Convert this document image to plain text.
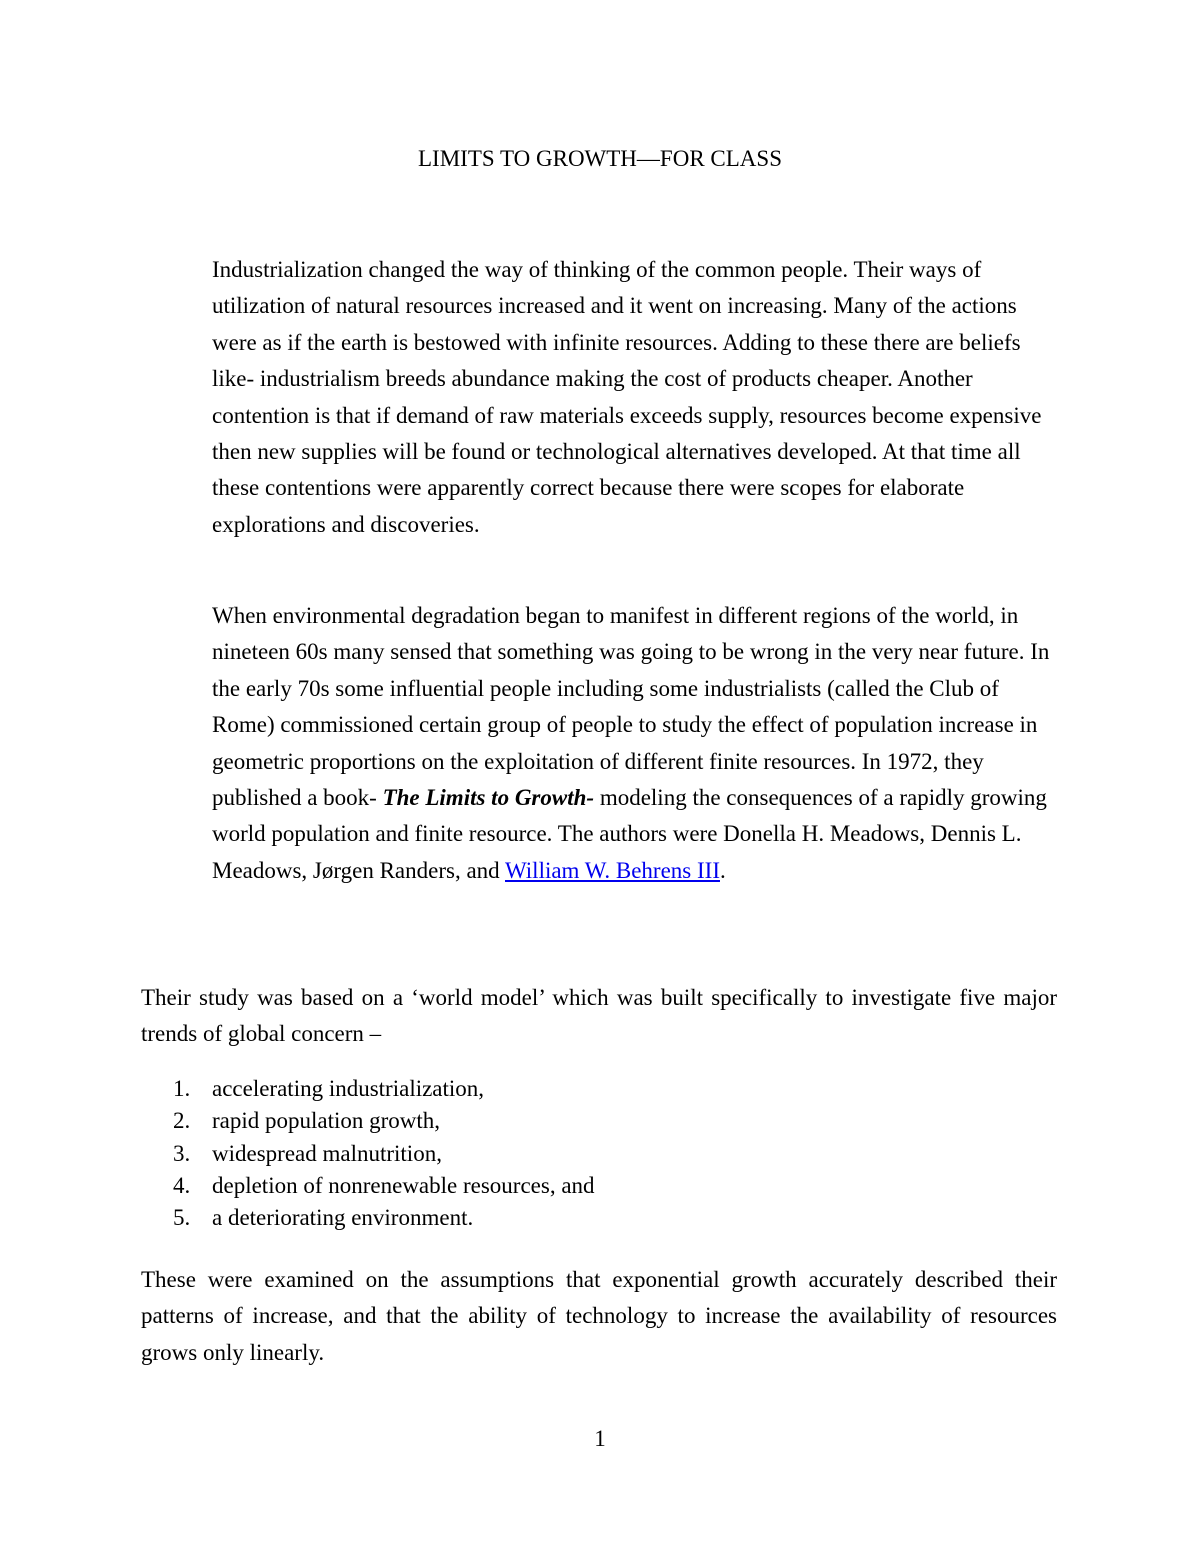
LIMITS TO GROWTH—FOR CLASS

Industrialization changed the way of thinking of the common people. Their ways of utilization of natural resources increased and it went on increasing. Many of the actions were as if the earth is bestowed with infinite resources. Adding to these there are beliefs like- industrialism breeds abundance making the cost of products cheaper. Another contention is that if demand of raw materials exceeds supply, resources become expensive then new supplies will be found or technological alternatives developed. At that time all these contentions were apparently correct because there were scopes for elaborate explorations and discoveries.

When environmental degradation began to manifest in different regions of the world, in nineteen 60s many sensed that something was going to be wrong in the very near future. In the early 70s some influential people including some industrialists (called the Club of Rome) commissioned certain group of people to study the effect of population increase in geometric proportions on the exploitation of different finite resources. In 1972, they published a book- The Limits to Growth- modeling the consequences of a rapidly growing world population and finite resource. The authors were Donella H. Meadows, Dennis L. Meadows, Jørgen Randers, and William W. Behrens III.

Their study was based on a ‘world model’ which was built specifically to investigate five major trends of global concern –

1. accelerating industrialization,
2. rapid population growth,
3. widespread malnutrition,
4. depletion of nonrenewable resources, and
5. a deteriorating environment.

These were examined on the assumptions that exponential growth accurately described their patterns of increase, and that the ability of technology to increase the availability of resources grows only linearly.

1
